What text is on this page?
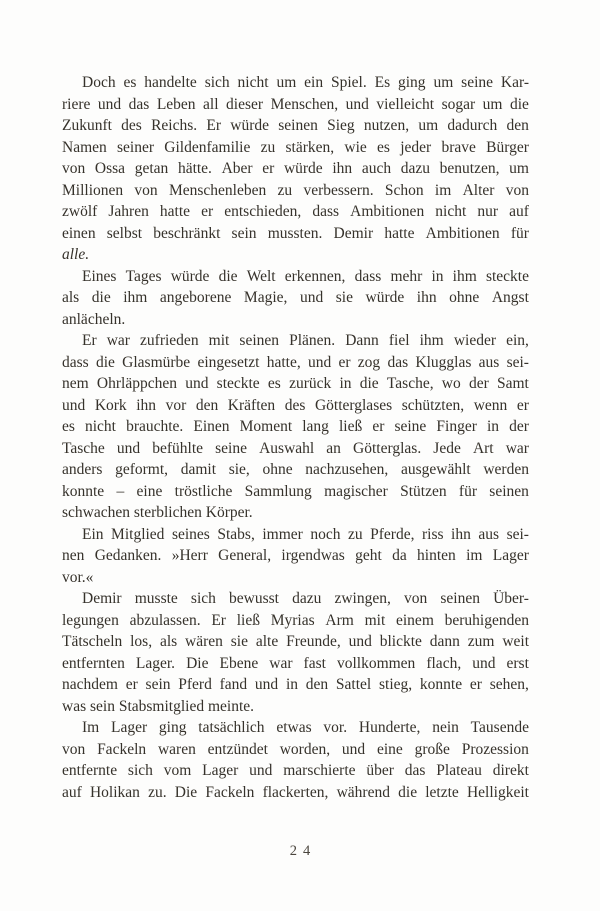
Doch es handelte sich nicht um ein Spiel. Es ging um seine Kar-
riere und das Leben all dieser Menschen, und vielleicht sogar um die
Zukunft des Reichs. Er würde seinen Sieg nutzen, um dadurch den
Namen seiner Gildenfamilie zu stärken, wie es jeder brave Bürger
von Ossa getan hätte. Aber er würde ihn auch dazu benutzen, um
Millionen von Menschenleben zu verbessern. Schon im Alter von
zwölf Jahren hatte er entschieden, dass Ambitionen nicht nur auf
einen selbst beschränkt sein mussten. Demir hatte Ambitionen für
alle.
Eines Tages würde die Welt erkennen, dass mehr in ihm steckte
als die ihm angeborene Magie, und sie würde ihn ohne Angst
anlächeln.
Er war zufrieden mit seinen Plänen. Dann fiel ihm wieder ein,
dass die Glasmürbe eingesetzt hatte, und er zog das Klugglas aus sei-
nem Ohrläppchen und steckte es zurück in die Tasche, wo der Samt
und Kork ihn vor den Kräften des Götterglases schützten, wenn er
es nicht brauchte. Einen Moment lang ließ er seine Finger in der
Tasche und befühlte seine Auswahl an Götterglas. Jede Art war
anders geformt, damit sie, ohne nachzusehen, ausgewählt werden
konnte – eine tröstliche Sammlung magischer Stützen für seinen
schwachen sterblichen Körper.
Ein Mitglied seines Stabs, immer noch zu Pferde, riss ihn aus sei-
nen Gedanken. »Herr General, irgendwas geht da hinten im Lager
vor.«
Demir musste sich bewusst dazu zwingen, von seinen Über-
legungen abzulassen. Er ließ Myrias Arm mit einem beruhigenden
Tätscheln los, als wären sie alte Freunde, und blickte dann zum weit
entfernten Lager. Die Ebene war fast vollkommen flach, und erst
nachdem er sein Pferd fand und in den Sattel stieg, konnte er sehen,
was sein Stabsmitglied meinte.
Im Lager ging tatsächlich etwas vor. Hunderte, nein Tausende
von Fackeln waren entzündet worden, und eine große Prozession
entfernte sich vom Lager und marschierte über das Plateau direkt
auf Holikan zu. Die Fackeln flackerten, während die letzte Helligkeit
24
